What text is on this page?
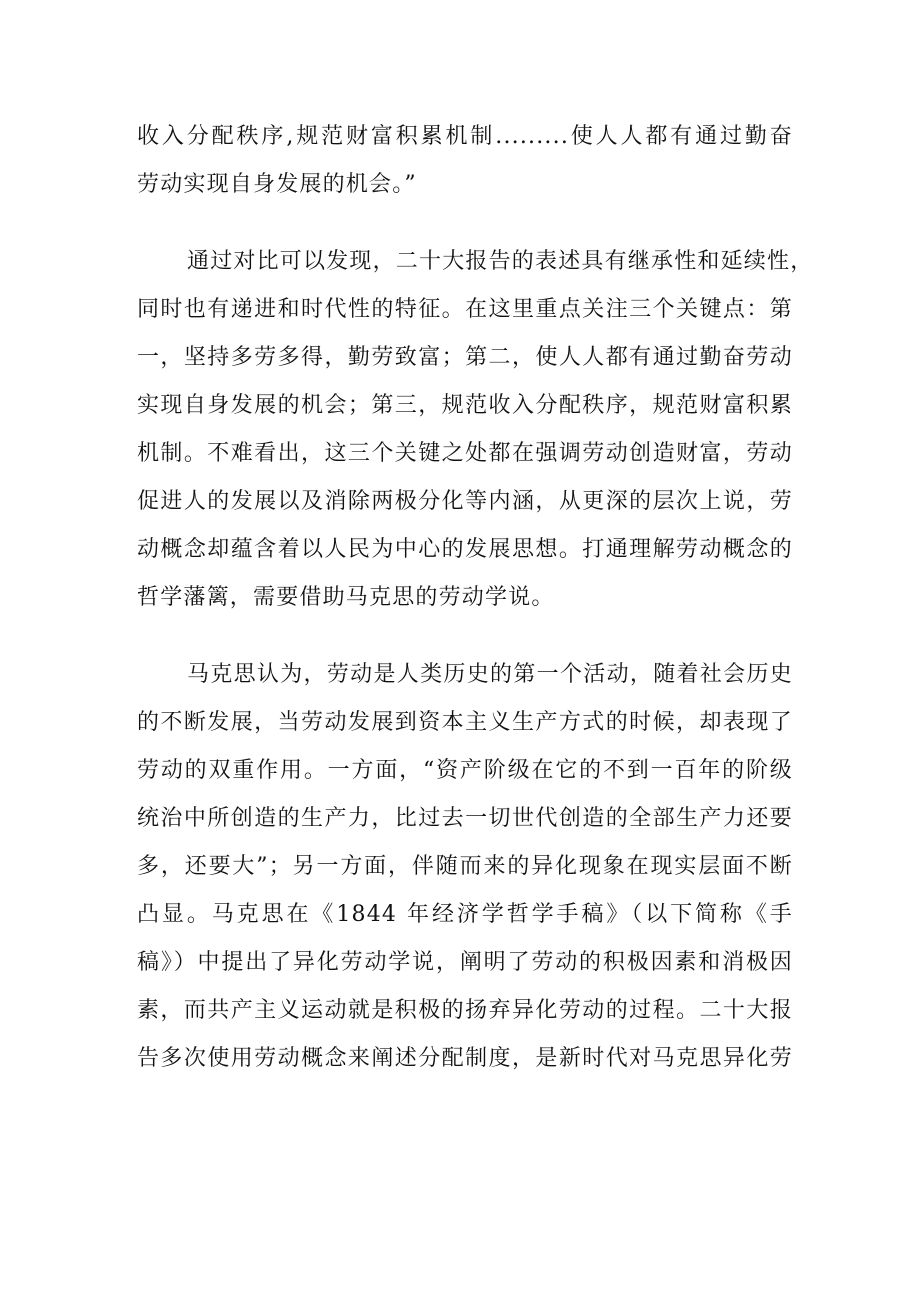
收入分配秩序,规范财富积累机制.........使人人都有通过勤奋
劳动实现自身发展的机会。”
通过对比可以发现，二十大报告的表述具有继承性和延续性，
同时也有递进和时代性的特征。在这里重点关注三个关键点：第
一，坚持多劳多得，勤劳致富；第二，使人人都有通过勤奋劳动
实现自身发展的机会；第三，规范收入分配秩序，规范财富积累
机制。不难看出，这三个关键之处都在强调劳动创造财富，劳动
促进人的发展以及消除两极分化等内涵，从更深的层次上说，劳
动概念却蕴含着以人民为中心的发展思想。打通理解劳动概念的
哲学藩篱，需要借助马克思的劳动学说。
马克思认为，劳动是人类历史的第一个活动，随着社会历史
的不断发展，当劳动发展到资本主义生产方式的时候，却表现了
劳动的双重作用。一方面，“资产阶级在它的不到一百年的阶级
统治中所创造的生产力，比过去一切世代创造的全部生产力还要
多，还要大”；另一方面，伴随而来的异化现象在现实层面不断
凸显。马克思在《1844 年经济学哲学手稿》（以下简称《手
稿》）中提出了异化劳动学说，阐明了劳动的积极因素和消极因
素，而共产主义运动就是积极的扬弃异化劳动的过程。二十大报
告多次使用劳动概念来阐述分配制度，是新时代对马克思异化劳
